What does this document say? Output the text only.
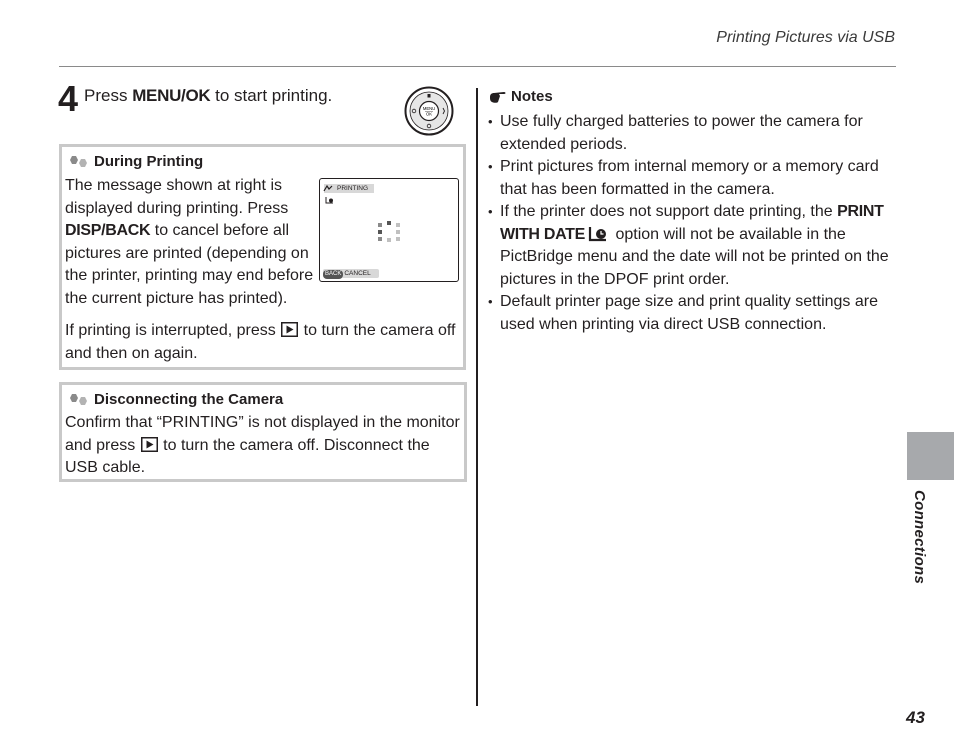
Printing Pictures via USB
4 Press MENU/OK to start printing.
MENU
OK
During Printing
The message shown at right is displayed during printing. Press DISP/BACK to cancel before all pictures are printed (depending on the printer, printing may end before the current picture has printed).
If printing is interrupted, press  to turn the camera off and then on again.
PRINTING
BACK CANCEL
Disconnecting the Camera
Confirm that “PRINTING” is not displayed in the monitor and press  to turn the camera off. Disconnect the USB cable.
Notes
• Use fully charged batteries to power the camera for extended periods.
• Print pictures from internal memory or a memory card that has been formatted in the camera.
• If the printer does not support date printing, the PRINT WITH DATE option will not be available in the PictBridge menu and the date will not be printed on the pictures in the DPOF print order.
• Default printer page size and print quality settings are used when printing via direct USB connection.
Connections
43
